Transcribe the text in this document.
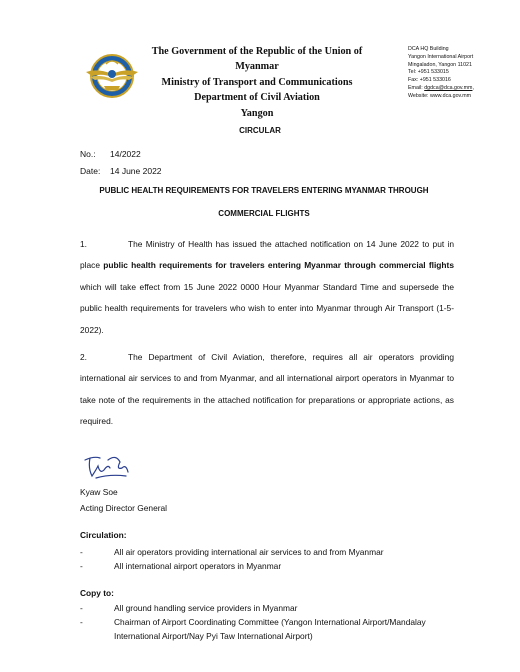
The Government of the Republic of the Union of Myanmar
Ministry of Transport and Communications
Department of Civil Aviation
Yangon
DCA HQ Building
Yangon International Airport
Mingaladon, Yangon 11021
Tel: +951 533015
Fax: +951 533016
Email: dgdca@dca.gov.mm,
Website: www.dca.gov.mm
CIRCULAR
No.:	14/2022
Date:	14 June 2022
PUBLIC HEALTH REQUIREMENTS FOR TRAVELERS ENTERING MYANMAR THROUGH
COMMERCIAL FLIGHTS
1.	The Ministry of Health has issued the attached notification on 14 June 2022 to put in place public health requirements for travelers entering Myanmar through commercial flights which will take effect from 15 June 2022 0000 Hour Myanmar Standard Time and supersede the public health requirements for travelers who wish to enter into Myanmar through Air Transport (1-5-2022).
2.	The Department of Civil Aviation, therefore, requires all air operators providing international air services to and from Myanmar, and all international airport operators in Myanmar to take note of the requirements in the attached notification for preparations or appropriate actions, as required.
Kyaw Soe
Acting Director General
Circulation:
-	All air operators providing international air services to and from Myanmar
-	All international airport operators in Myanmar
Copy to:
-	All ground handling service providers in Myanmar
-	Chairman of Airport Coordinating Committee (Yangon International Airport/Mandalay International Airport/Nay Pyi Taw International Airport)
